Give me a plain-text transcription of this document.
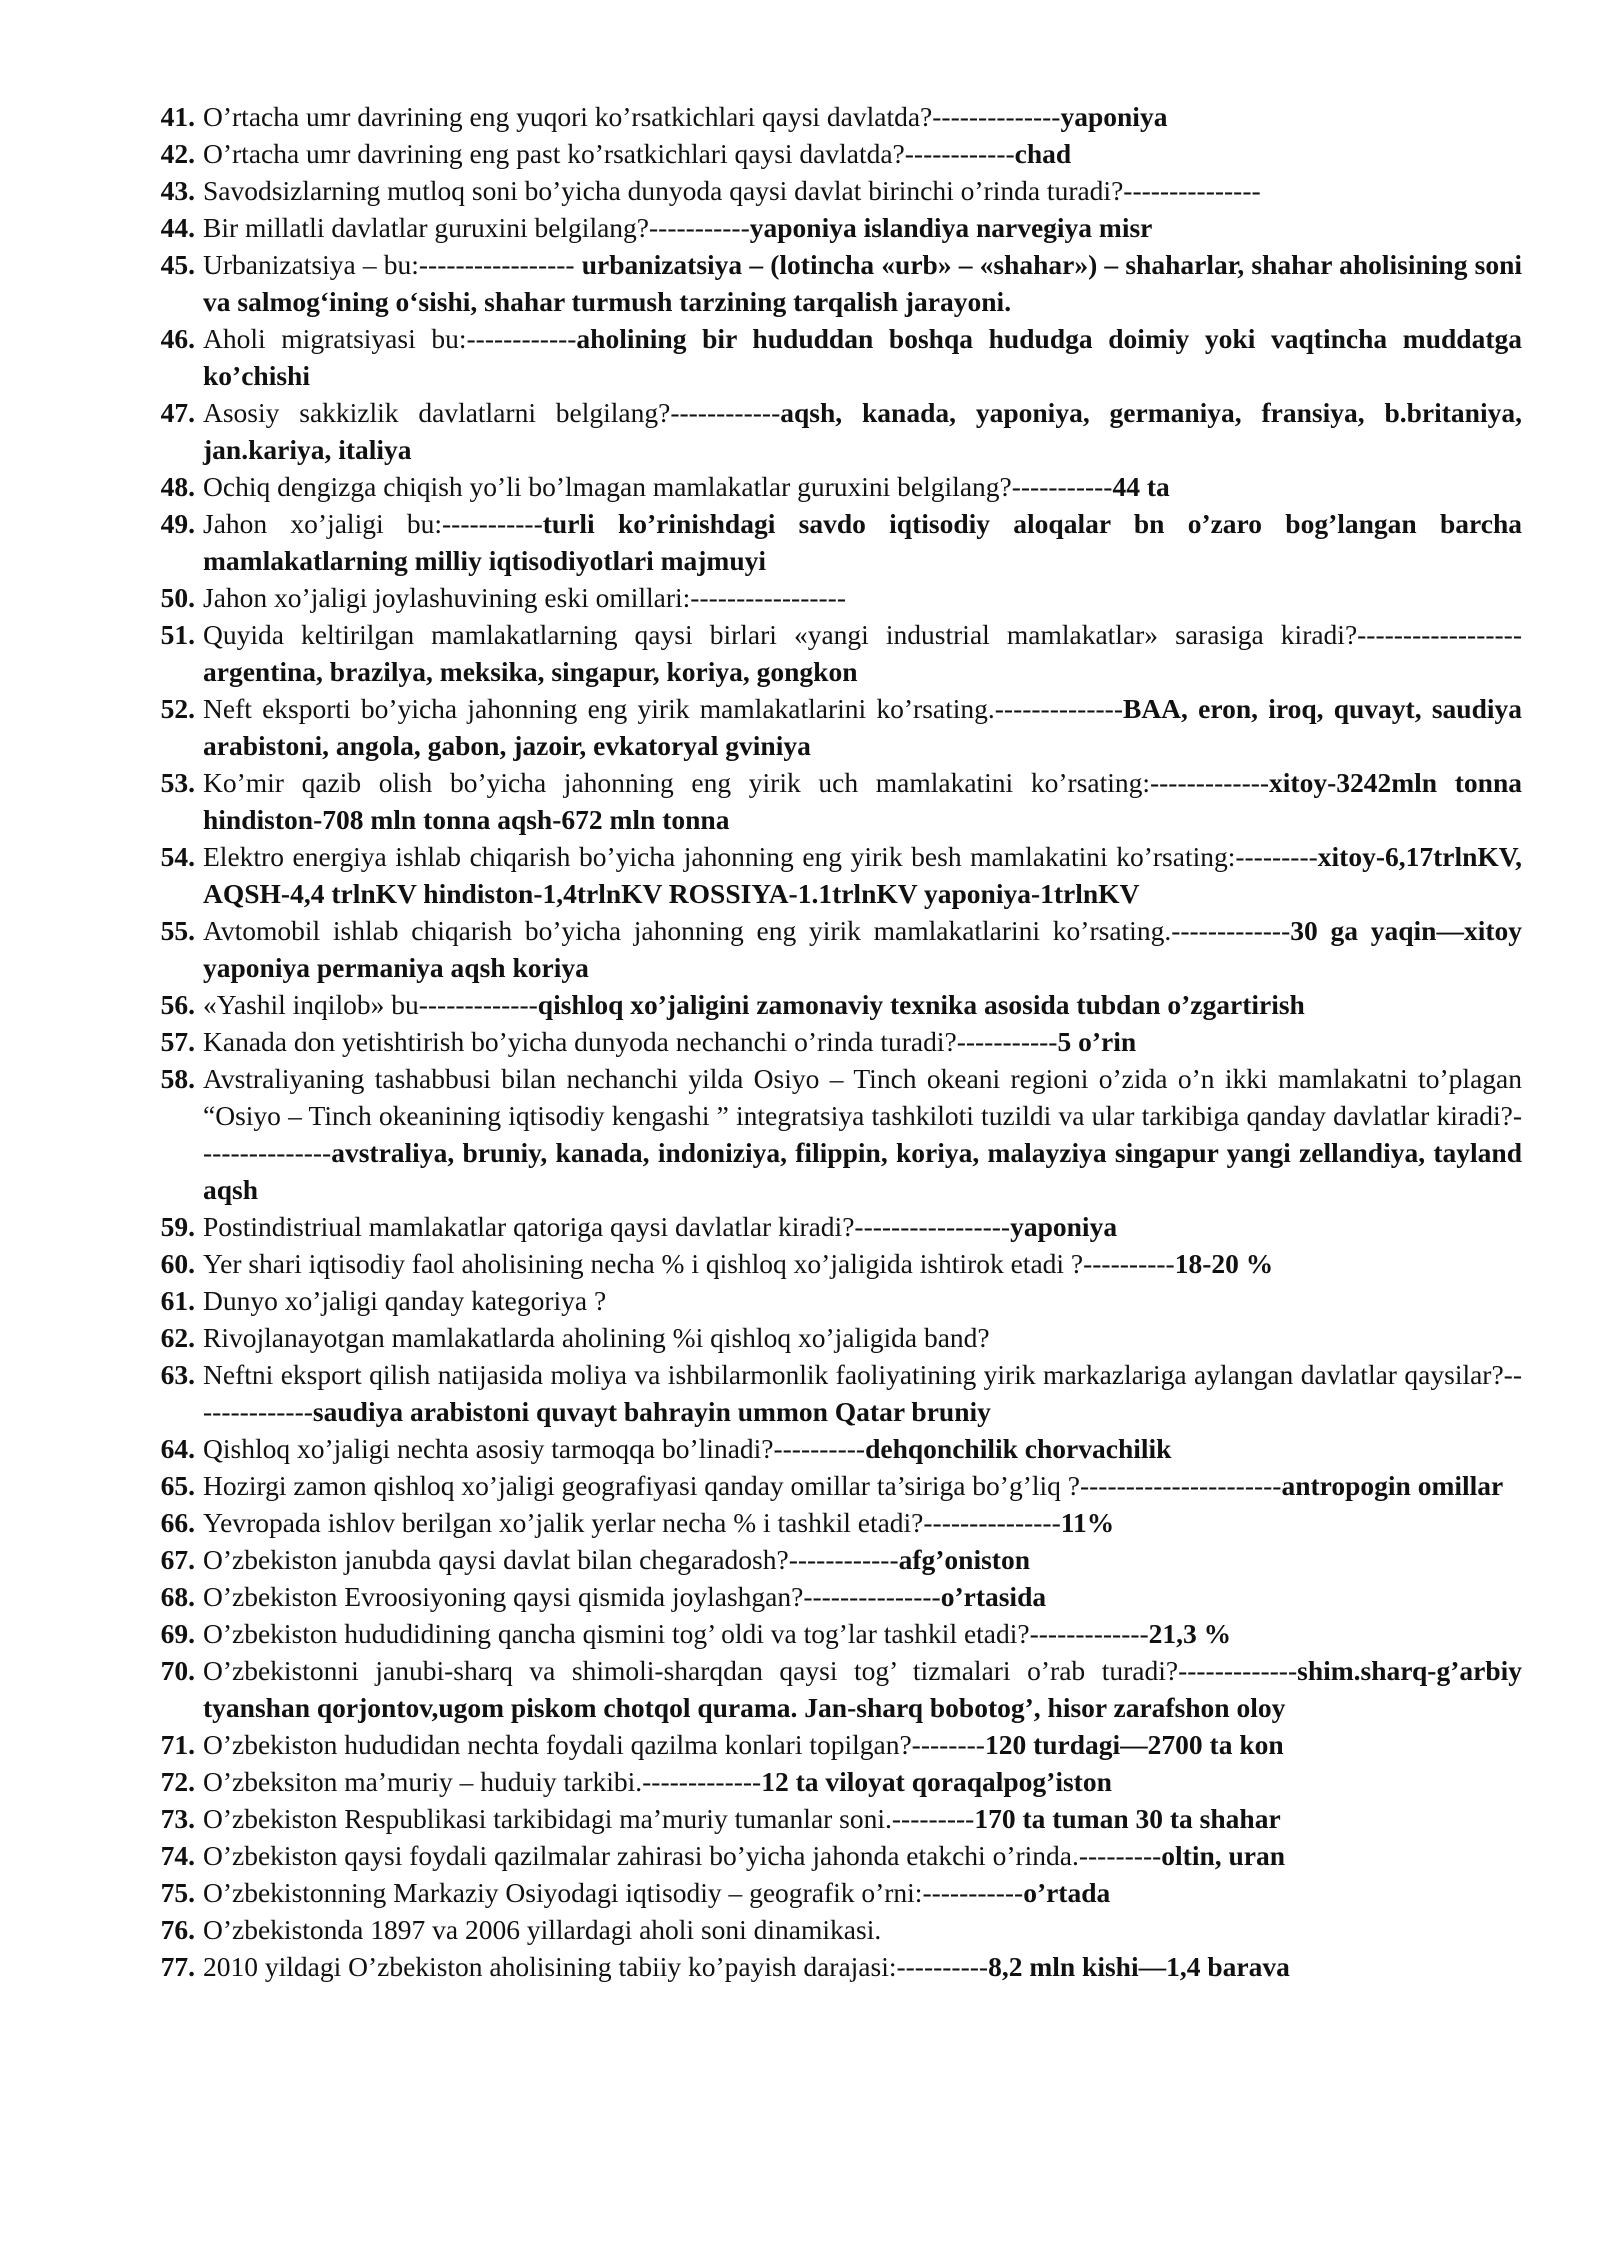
41. O’rtacha umr davrining eng yuqori ko’rsatkichlari qaysi davlatda?--------------yaponiya
42. O’rtacha umr davrining eng past ko’rsatkichlari qaysi davlatda?------------chad
43. Savodsizlarning mutloq soni bo’yicha dunyoda qaysi davlat birinchi o’rinda turadi?---------------
44. Bir millatli davlatlar guruxini belgilang?-----------yaponiya islandiya narvegiya misr
45. Urbanizatsiya – bu:----------------- urbanizatsiya – (lotincha «urb» – «shahar») – shaharlar, shahar aholisining soni va salmog‘ining o‘sishi, shahar turmush tarzining tarqalish jarayoni.
46. Aholi migratsiyasi bu:------------aholining bir hududdan boshqa hududga doimiy yoki vaqtincha muddatga ko’chishi
47. Asosiy sakkizlik davlatlarni belgilang?------------aqsh, kanada, yaponiya, germaniya, fransiya, b.britaniya, jan.kariya, italiya
48. Ochiq dengizga chiqish yo’li bo’lmagan mamlakatlar guruxini belgilang?-----------44 ta
49. Jahon xo’jaligi bu:-----------turli ko’rinishdagi savdo iqtisodiy aloqalar bn o’zaro bog’langan barcha mamlakatlarning milliy iqtisodiyotlari majmuyi
50. Jahon xo’jaligi joylashuvining eski omillari:-----------------
51. Quyida keltirilgan mamlakatlarning qaysi birlari «yangi industrial mamlakatlar» sarasiga kiradi?------------------argentina, brazilya, meksika, singapur, koriya, gongkon
52. Neft eksporti bo’yicha jahonning eng yirik mamlakatlarini ko’rsating.--------------BAA, eron, iroq, quvayt, saudiya arabistoni, angola, gabon, jazoir, evkatoryal gviniya
53. Ko’mir qazib olish bo’yicha jahonning eng yirik uch mamlakatini ko’rsating:-------------xitoy-3242mln tonna hindiston-708 mln tonna aqsh-672 mln tonna
54. Elektro energiya ishlab chiqarish bo’yicha jahonning eng yirik besh mamlakatini ko’rsating:---------xitoy-6,17trlnKV, AQSH-4,4 trlnKV hindiston-1,4trlnKV ROSSIYA-1.1trlnKV yaponiya-1trlnKV
55. Avtomobil ishlab chiqarish bo’yicha jahonning eng yirik mamlakatlarini ko’rsating.-------------30 ga yaqin—xitoy yaponiya permaniya aqsh koriya
56. «Yashil inqilob» bu-------------qishloq xo’jaligini zamonaviy texnika asosida tubdan o’zgartirish
57. Kanada don yetishtirish bo’yicha dunyoda nechanchi o’rinda turadi?-----------5 o’rin
58. Avstraliyaning tashabbusi bilan nechanchi yilda Osiyo – Tinch okeani regioni o’zida o’n ikki mamlakatni to’plagan “Osiyo – Tinch okeanining iqtisodiy kengashi ” integratsiya tashkiloti tuzildi va ular tarkibiga qanday davlatlar kiradi?---------------avstraliya, bruniy, kanada, indoniziya, filippin, koriya, malayziya singapur yangi zellandiya, tayland aqsh
59. Postindistriual mamlakatlar qatoriga qaysi davlatlar kiradi?-----------------yaponiya
60. Yer shari iqtisodiy faol aholisining necha % i qishloq xo’jaligida ishtirok etadi ?----------18-20 %
61. Dunyo xo’jaligi qanday kategoriya ?
62. Rivojlanayotgan mamlakatlarda aholining %i qishloq xo’jaligida band?
63. Neftni eksport qilish natijasida moliya va ishbilarmonlik faoliyatining yirik markazlariga aylangan davlatlar qaysilar?--------------saudiya arabistoni quvayt bahrayin ummon Qatar bruniy
64. Qishloq xo’jaligi nechta asosiy tarmoqqa bo’linadi?----------dehqonchilik chorvachilik
65. Hozirgi zamon qishloq xo’jaligi geografiyasi qanday omillar ta’siriga bo’g’liq ?----------------------antropogin omillar
66. Yevropada ishlov berilgan xo’jalik yerlar necha % i tashkil etadi?---------------11%
67. O’zbekiston janubda qaysi davlat bilan chegaradosh?------------afg’oniston
68. O’zbekiston Evroosiyoning qaysi qismida joylashgan?---------------o’rtasida
69. O’zbekiston hududidining qancha qismini tog’ oldi va tog’lar tashkil etadi?-------------21,3 %
70. O’zbekistonni janubi-sharq va shimoli-sharqdan qaysi tog’ tizmalari o’rab turadi?-------------shim.sharq-g’arbiy tyanshan qorjontov,ugom piskom chotqol qurama. Jan-sharq bobotog’, hisor zarafshon oloy
71. O’zbekiston hududidan nechta foydali qazilma konlari topilgan?--------120 turdagi—2700 ta kon
72. O’zbeksiton ma’muriy – huduiy tarkibi.-------------12 ta viloyat qoraqalpog’iston
73. O’zbekiston Respublikasi tarkibidagi ma’muriy tumanlar soni.---------170 ta tuman 30 ta shahar
74. O’zbekiston qaysi foydali qazilmalar zahirasi bo’yicha jahonda etakchi o’rinda.---------oltin, uran
75. O’zbekistonning Markaziy Osiyodagi iqtisodiy – geografik o’rni:-----------o’rtada
76. O’zbekistonda 1897 va 2006 yillardagi aholi soni dinamikasi.
77. 2010 yildagi O’zbekiston aholisining tabiiy ko’payish darajasi:----------8,2 mln kishi—1,4 barava
